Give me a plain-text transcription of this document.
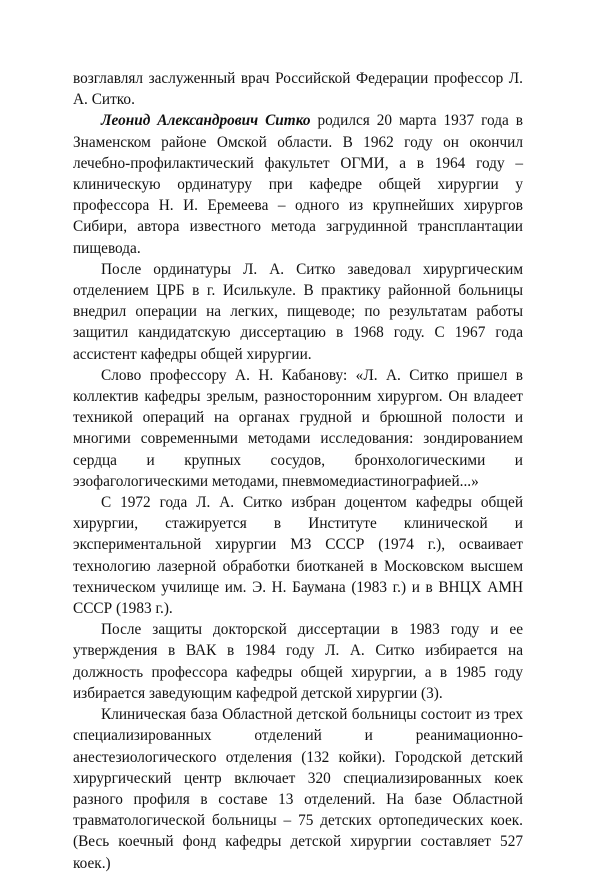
возглавлял заслуженный врач Российской Федерации профессор Л. А. Ситко.

Леонид Александрович Ситко родился 20 марта 1937 года в Знаменском районе Омской области. В 1962 году он окончил лечебно-профилактический факультет ОГМИ, а в 1964 году – клиническую ординатуру при кафедре общей хирургии у профессора Н. И. Еремеева – одного из крупнейших хирургов Сибири, автора известного метода загрудинной трансплантации пищевода.

После ординатуры Л. А. Ситко заведовал хирургическим отделением ЦРБ в г. Исилькуле. В практику районной больницы внедрил операции на легких, пищеводе; по результатам работы защитил кандидатскую диссертацию в 1968 году. С 1967 года ассистент кафедры общей хирургии.

Слово профессору А. Н. Кабанову: «Л. А. Ситко пришел в коллектив кафедры зрелым, разносторонним хирургом. Он владеет техникой операций на органах грудной и брюшной полости и многими современными методами исследования: зондированием сердца и крупных сосудов, бронхологическими и эзофагологическими методами, пневмомедиастинографией...»

С 1972 года Л. А. Ситко избран доцентом кафедры общей хирургии, стажируется в Институте клинической и экспериментальной хирургии МЗ СССР (1974 г.), осваивает технологию лазерной обработки биотканей в Московском высшем техническом училище им. Э. Н. Баумана (1983 г.) и в ВНЦХ АМН СССР (1983 г.).

После защиты докторской диссертации в 1983 году и ее утверждения в ВАК в 1984 году Л. А. Ситко избирается на должность профессора кафедры общей хирургии, а в 1985 году избирается заведующим кафедрой детской хирургии (3).

Клиническая база Областной детской больницы состоит из трех специализированных отделений и реанимационно-анестезиологического отделения (132 койки). Городской детский хирургический центр включает 320 специализированных коек разного профиля в составе 13 отделений. На базе Областной травматологической больницы – 75 детских ортопедических коек. (Весь коечный фонд кафедры детской хирургии составляет 527 коек.)
